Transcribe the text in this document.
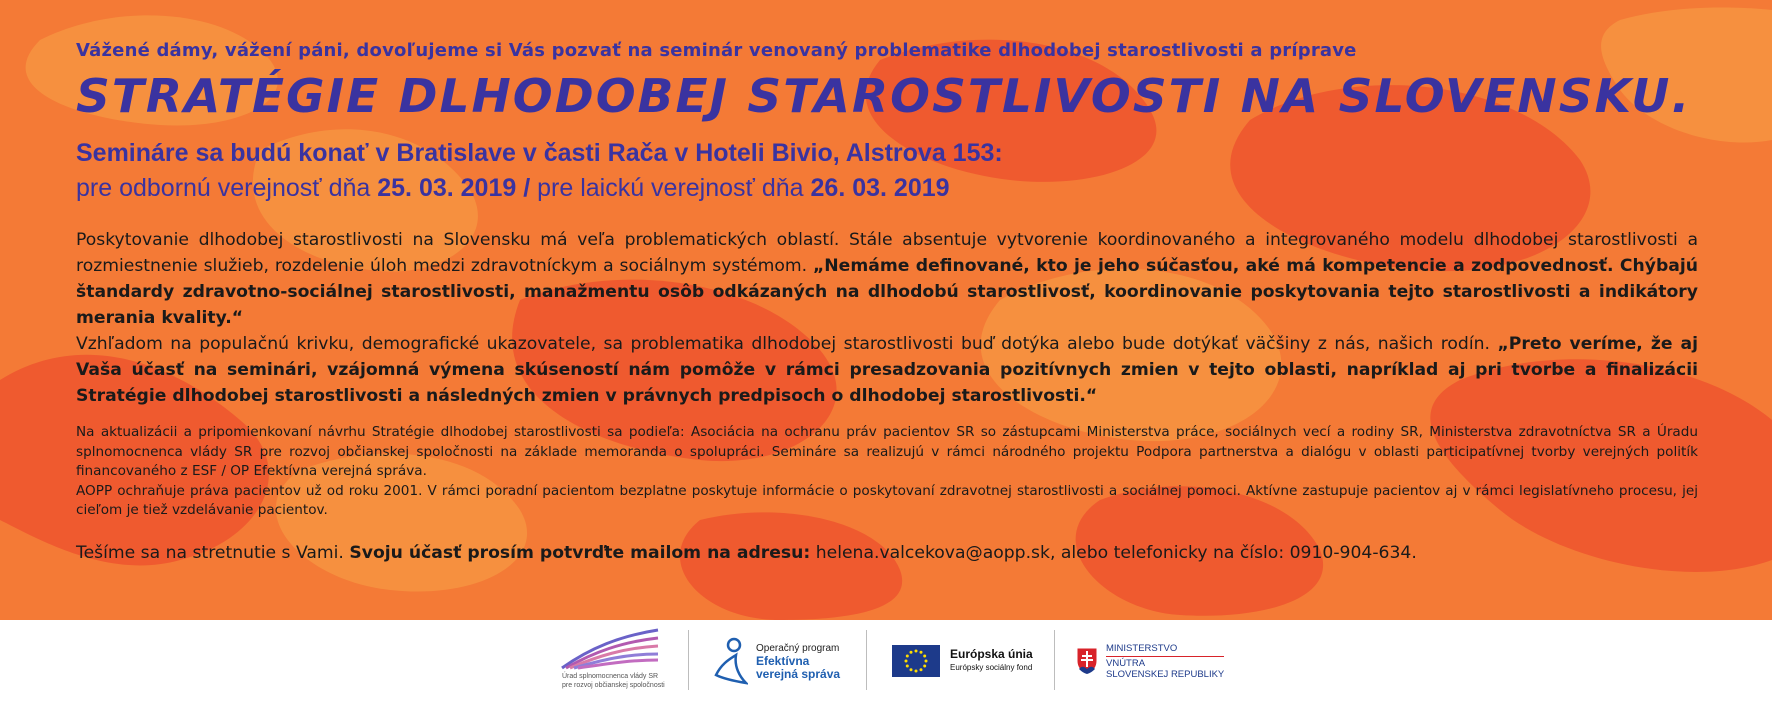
Vážené dámy, vážení páni, dovoľujeme si Vás pozvať na seminár venovaný problematike dlhodobej starostlivosti a príprave

STRATÉGIE DLHODOBEJ STAROSTLIVOSTI NA SLOVENSKU.

Semináre sa budú konať v Bratislave v časti Rača v Hoteli Bivio, Alstrova 153:

pre odbornú verejnosť dňa 25. 03. 2019 / pre laickú verejnosť dňa 26. 03. 2019

Poskytovanie dlhodobej starostlivosti na Slovensku má veľa problematických oblastí. Stále absentuje vytvorenie koordinovaného a integrovaného modelu dlhodobej starostlivosti a rozmiestnenie služieb, rozdelenie úloh medzi zdravotníckym a sociálnym systémom. „Nemáme definované, kto je jeho súčasťou, aké má kompetencie a zodpovednosť. Chýbajú štandardy zdravotno-sociálnej starostlivosti, manažmentu osôb odkázaných na dlhodobú starostlivosť, koordinovanie poskytovania tejto starostlivosti a indikátory merania kvality.“
Vzhľadom na populačnú krivku, demografické ukazovatele, sa problematika dlhodobej starostlivosti buď dotýka alebo bude dotýkať väčšiny z nás, našich rodín. „Preto veríme, že aj Vaša účasť na seminári, vzájomná výmena skúseností nám pomôže v rámci presadzovania pozitívnych zmien v tejto oblasti, napríklad aj pri tvorbe a finalizácii Stratégie dlhodobej starostlivosti a následných zmien v právnych predpisoch o dlhodobej starostlivosti.“

Na aktualizácii a pripomienkovaní návrhu Stratégie dlhodobej starostlivosti sa podieľa: Asociácia na ochranu práv pacientov SR so zástupcami Ministerstva práce, sociálnych vecí a rodiny SR, Ministerstva zdravotníctva SR a Úradu splnomocnenca vlády SR pre rozvoj občianskej spoločnosti na základe memoranda o spolupráci. Semináre sa realizujú v rámci národného projektu Podpora partnerstva a dialógu v oblasti participatívnej tvorby verejných politík financovaného z ESF / OP Efektívna verejná správa.
AOPP ochraňuje práva pacientov už od roku 2001. V rámci poradní pacientom bezplatne poskytuje informácie o poskytovaní zdravotnej starostlivosti a sociálnej pomoci. Aktívne zastupuje pacientov aj v rámci legislatívneho procesu, jej cieľom je tiež vzdelávanie pacientov.

Tešíme sa na stretnutie s Vami. Svoju účasť prosím potvrďte mailom na adresu: helena.valcekova@aopp.sk, alebo telefonicky na číslo: 0910-904-634.

Úrad splnomocnenca vlády SR
pre rozvoj občianskej spoločnosti
Operačný program
Efektívna
verejná správa
Európska únia
Európsky sociálny fond
MINISTERSTVO
VNÚTRA
SLOVENSKEJ REPUBLIKY
